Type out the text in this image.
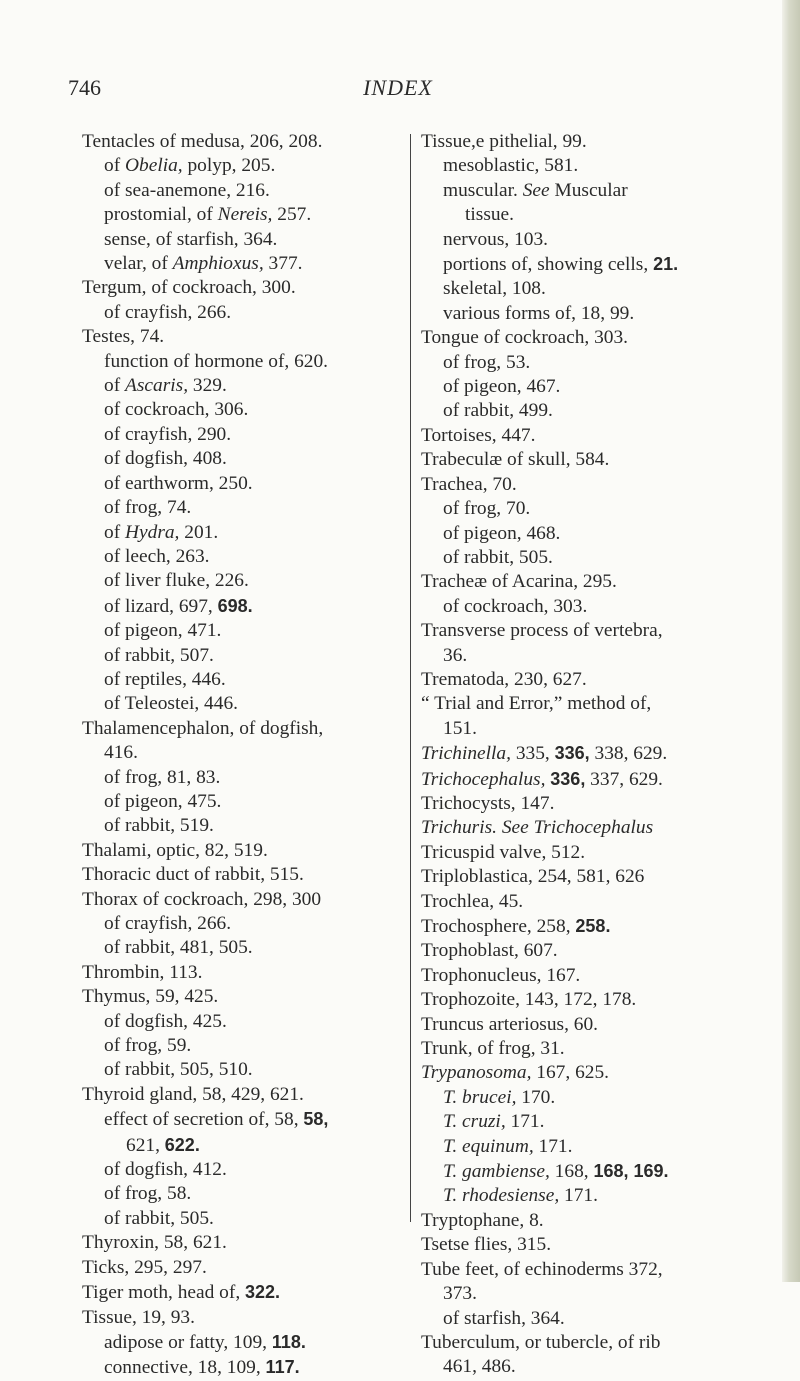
746	INDEX
Tentacles of medusa, 206, 208.
of Obelia, polyp, 205.
of sea-anemone, 216.
prostomial, of Nereis, 257.
sense, of starfish, 364.
velar, of Amphioxus, 377.
Tergum, of cockroach, 300.
of crayfish, 266.
Testes, 74.
function of hormone of, 620.
of Ascaris, 329.
of cockroach, 306.
of crayfish, 290.
of dogfish, 408.
of earthworm, 250.
of frog, 74.
of Hydra, 201.
of leech, 263.
of liver fluke, 226.
of lizard, 697, 698.
of pigeon, 471.
of rabbit, 507.
of reptiles, 446.
of Teleostei, 446.
Thalamencephalon, of dogfish,
416.
of frog, 81, 83.
of pigeon, 475.
of rabbit, 519.
Thalami, optic, 82, 519.
Thoracic duct of rabbit, 515.
Thorax of cockroach, 298, 300
of crayfish, 266.
of rabbit, 481, 505.
Thrombin, 113.
Thymus, 59, 425.
of dogfish, 425.
of frog, 59.
of rabbit, 505, 510.
Thyroid gland, 58, 429, 621.
effect of secretion of, 58, 58,
621, 622.
of dogfish, 412.
of frog, 58.
of rabbit, 505.
Thyroxin, 58, 621.
Ticks, 295, 297.
Tiger moth, head of, 322.
Tissue, 19, 93.
adipose or fatty, 109, 118.
connective, 18, 109, 117.
Tissue,e pithelial, 99.
mesoblastic, 581.
muscular. See Muscular
tissue.
nervous, 103.
portions of, showing cells, 21.
skeletal, 108.
various forms of, 18, 99.
Tongue of cockroach, 303.
of frog, 53.
of pigeon, 467.
of rabbit, 499.
Tortoises, 447.
Trabeculæ of skull, 584.
Trachea, 70.
of frog, 70.
of pigeon, 468.
of rabbit, 505.
Tracheæ of Acarina, 295.
of cockroach, 303.
Transverse process of vertebra,
36.
Trematoda, 230, 627.
“ Trial and Error,” method of,
151.
Trichinella, 335, 336, 338, 629.
Trichocephalus, 336, 337, 629.
Trichocysts, 147.
Trichuris. See Trichocephalus
Tricuspid valve, 512.
Triploblastica, 254, 581, 626
Trochlea, 45.
Trochosphere, 258, 258.
Trophoblast, 607.
Trophonucleus, 167.
Trophozoite, 143, 172, 178.
Truncus arteriosus, 60.
Trunk, of frog, 31.
Trypanosoma, 167, 625.
T. brucei, 170.
T. cruzi, 171.
T. equinum, 171.
T. gambiense, 168, 168, 169.
T. rhodesiense, 171.
Tryptophane, 8.
Tsetse flies, 315.
Tube feet, of echinoderms 372,
373.
of starfish, 364.
Tuberculum, or tubercle, of rib
461, 486.
